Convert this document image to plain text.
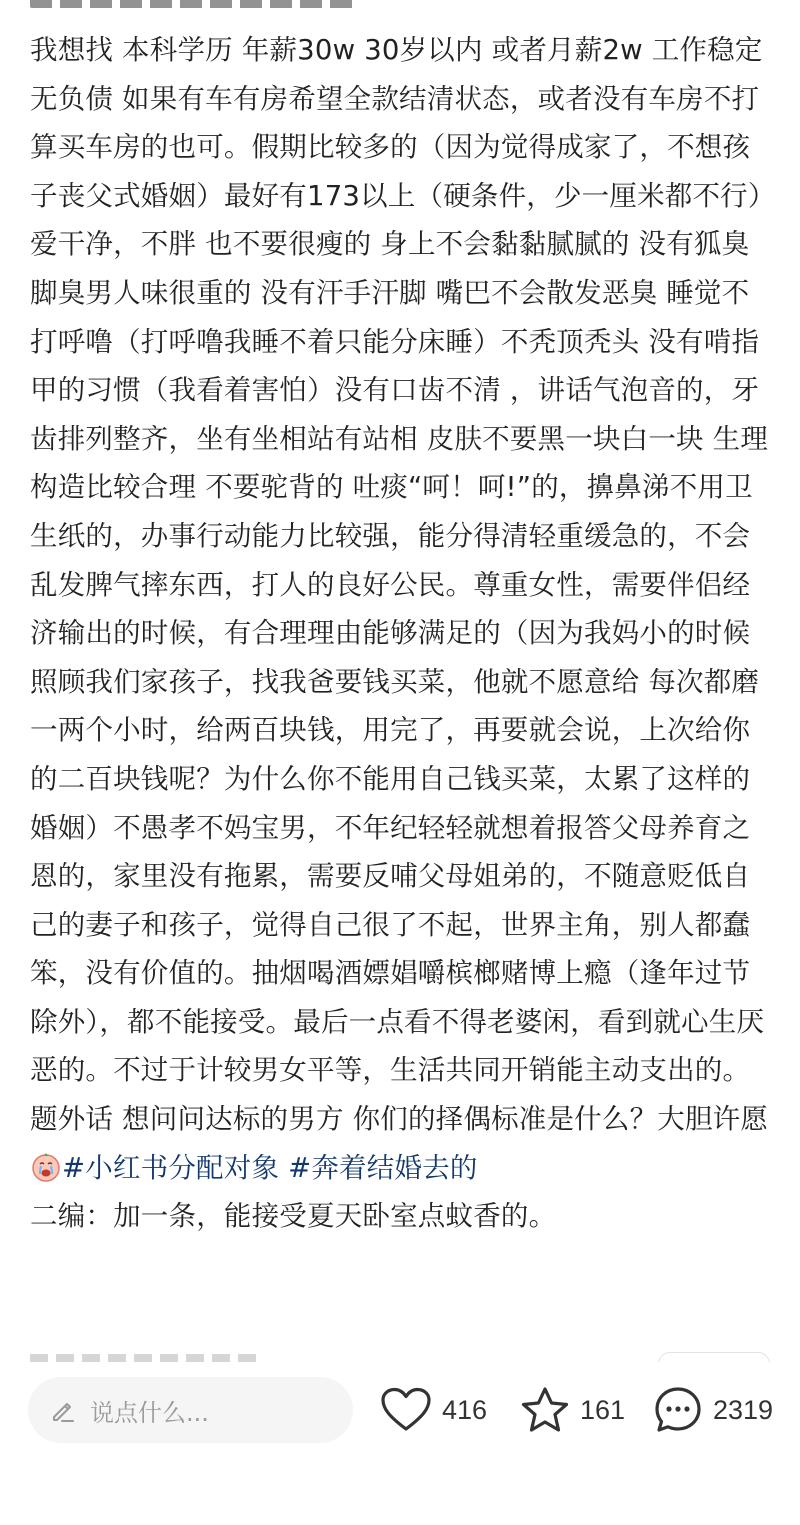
我想找 本科学历 年薪30w 30岁以内 或者月薪2w 工作稳定 无负债 如果有车有房希望全款结清状态，或者没有车房不打算买车房的也可。假期比较多的（因为觉得成家了，不想孩子丧父式婚姻）最好有173以上（硬条件，少一厘米都不行）爱干净，不胖 也不要很瘦的 身上不会黏黏腻腻的 没有狐臭脚臭男人味很重的 没有汗手汗脚 嘴巴不会散发恶臭 睡觉不打呼噜（打呼噜我睡不着只能分床睡）不秃顶秃头 没有啃指甲的习惯（我看着害怕）没有口齿不清 ，讲话气泡音的，牙齿排列整齐，坐有坐相站有站相 皮肤不要黑一块白一块 生理构造比较合理 不要驼背的 吐痰“呵！呵!”的，擤鼻涕不用卫生纸的，办事行动能力比较强，能分得清轻重缓急的，不会乱发脾气摔东西，打人的良好公民。尊重女性，需要伴侣经济输出的时候，有合理理由能够满足的（因为我妈小的时候照顾我们家孩子，找我爸要钱买菜，他就不愿意给 每次都磨一两个小时，给两百块钱，用完了，再要就会说，上次给你的二百块钱呢？为什么你不能用自己钱买菜，太累了这样的婚姻）不愚孝不妈宝男，不年纪轻轻就想着报答父母养育之恩的，家里没有拖累，需要反哺父母姐弟的，不随意贬低自己的妻子和孩子，觉得自己很了不起，世界主角，别人都蠢笨，没有价值的。抽烟喝酒嫖娼嚼槟榔赌博上瘾（逢年过节除外），都不能接受。最后一点看不得老婆闲，看到就心生厌恶的。不过于计较男女平等，生活共同开销能主动支出的。

题外话 想问问达标的男方 你们的择偶标准是什么？大胆许愿#小红书分配对象 #奔着结婚去的

二编：加一条，能接受夏天卧室点蚊香的。

说点什么...	416	161	2319
